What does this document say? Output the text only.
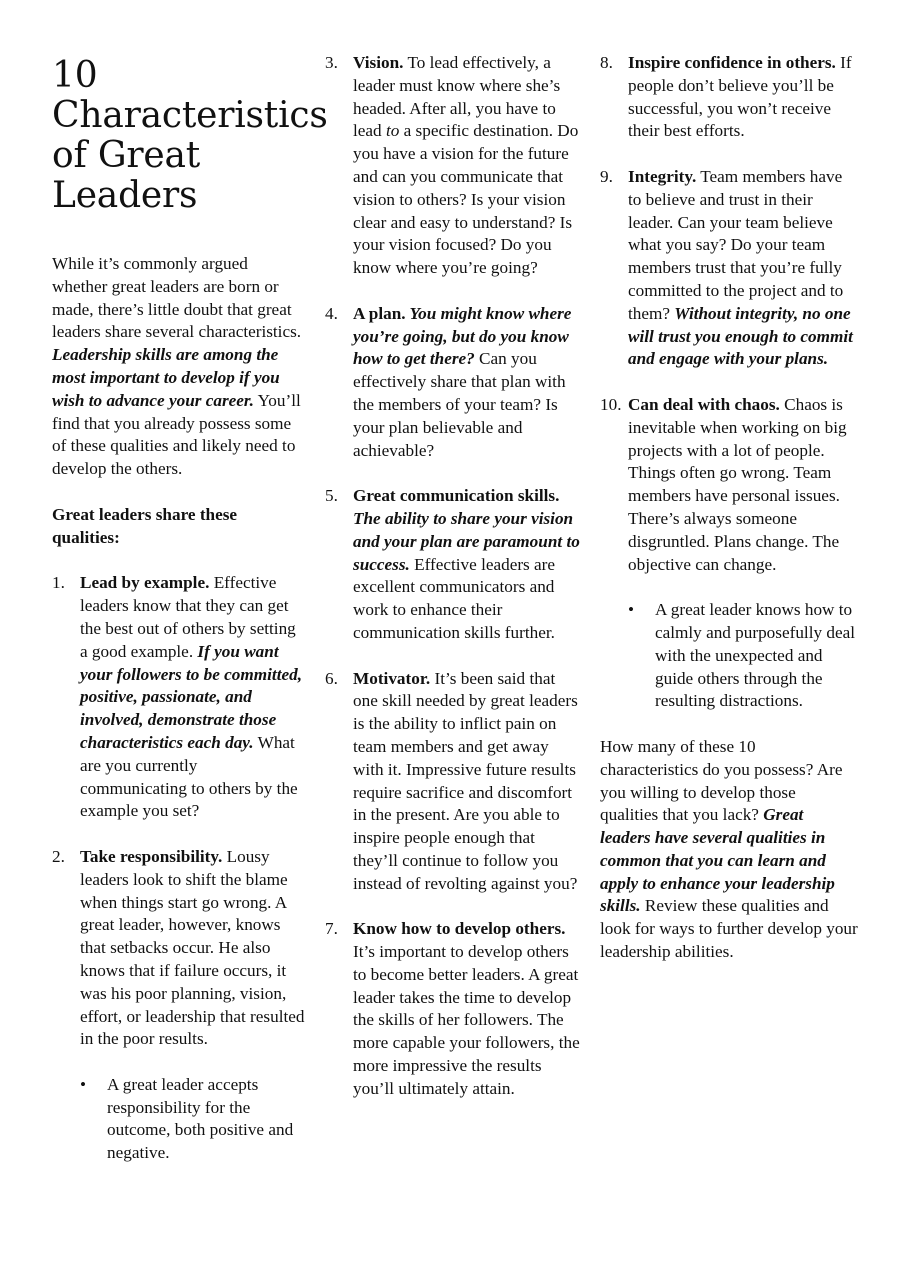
10
Characteristics
of Great
Leaders

While it’s commonly argued whether great leaders are born or made, there’s little doubt that great leaders share several characteristics. Leadership skills are among the most important to develop if you wish to advance your career. You’ll find that you already possess some of these qualities and likely need to develop the others.

Great leaders share these qualities:

1. Lead by example. Effective leaders know that they can get the best out of others by setting a good example. If you want your followers to be committed, positive, passionate, and involved, demonstrate those characteristics each day. What are you currently communicating to others by the example you set?
2. Take responsibility. Lousy leaders look to shift the blame when things start go wrong. A great leader, however, knows that setbacks occur. He also knows that if failure occurs, it was his poor planning, vision, effort, or leadership that resulted in the poor results.
• A great leader accepts responsibility for the outcome, both positive and negative.
3. Vision. To lead effectively, a leader must know where she’s headed. After all, you have to lead to a specific destination. Do you have a vision for the future and can you communicate that vision to others? Is your vision clear and easy to understand? Is your vision focused? Do you know where you’re going?
4. A plan. You might know where you’re going, but do you know how to get there? Can you effectively share that plan with the members of your team? Is your plan believable and achievable?
5. Great communication skills. The ability to share your vision and your plan are paramount to success. Effective leaders are excellent communicators and work to enhance their communication skills further.
6. Motivator. It’s been said that one skill needed by great leaders is the ability to inflict pain on team members and get away with it. Impressive future results require sacrifice and discomfort in the present. Are you able to inspire people enough that they’ll continue to follow you instead of revolting against you?
7. Know how to develop others. It’s important to develop others to become better leaders. A great leader takes the time to develop the skills of her followers. The more capable your followers, the more impressive the results you’ll ultimately attain.
8. Inspire confidence in others. If people don’t believe you’ll be successful, you won’t receive their best efforts.
9. Integrity. Team members have to believe and trust in their leader. Can your team believe what you say? Do your team members trust that you’re fully committed to the project and to them? Without integrity, no one will trust you enough to commit and engage with your plans.
10. Can deal with chaos. Chaos is inevitable when working on big projects with a lot of people. Things often go wrong. Team members have personal issues. There’s always someone disgruntled. Plans change. The objective can change.
• A great leader knows how to calmly and purposefully deal with the unexpected and guide others through the resulting distractions.

How many of these 10 characteristics do you possess? Are you willing to develop those qualities that you lack? Great leaders have several qualities in common that you can learn and apply to enhance your leadership skills. Review these qualities and look for ways to further develop your leadership abilities.
